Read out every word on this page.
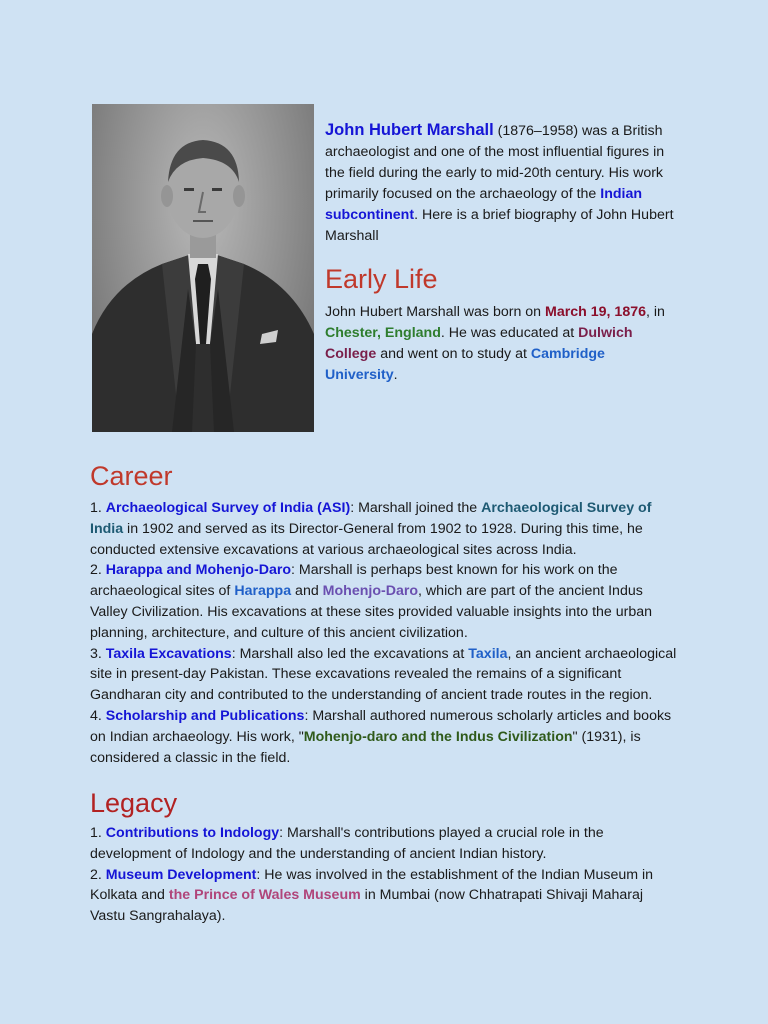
John Hubert Marshall (1876–1958) was a British archaeologist and one of the most influential figures in the field during the early to mid-20th century. His work primarily focused on the archaeology of the Indian subcontinent. Here is a brief biography of John Hubert Marshall
Early Life
John Hubert Marshall was born on March 19, 1876, in Chester, England. He was educated at Dulwich College and went on to study at Cambridge University.
Career

1. Archaeological Survey of India (ASI): Marshall joined the Archaeological Survey of India in 1902 and served as its Director-General from 1902 to 1928. During this time, he conducted extensive excavations at various archaeological sites across India.

2. Harappa and Mohenjo-Daro: Marshall is perhaps best known for his work on the archaeological sites of Harappa and Mohenjo-Daro, which are part of the ancient Indus Valley Civilization. His excavations at these sites provided valuable insights into the urban planning, architecture, and culture of this ancient civilization.

3. Taxila Excavations: Marshall also led the excavations at Taxila, an ancient archaeological site in present-day Pakistan. These excavations revealed the remains of a significant Gandharan city and contributed to the understanding of ancient trade routes in the region.

4. Scholarship and Publications: Marshall authored numerous scholarly articles and books on Indian archaeology. His work, "Mohenjo-daro and the Indus Civilization" (1931), is considered a classic in the field.

Legacy

1. Contributions to Indology: Marshall's contributions played a crucial role in the development of Indology and the understanding of ancient Indian history.

2. Museum Development: He was involved in the establishment of the Indian Museum in Kolkata and the Prince of Wales Museum in Mumbai (now Chhatrapati Shivaji Maharaj Vastu Sangrahalaya).
